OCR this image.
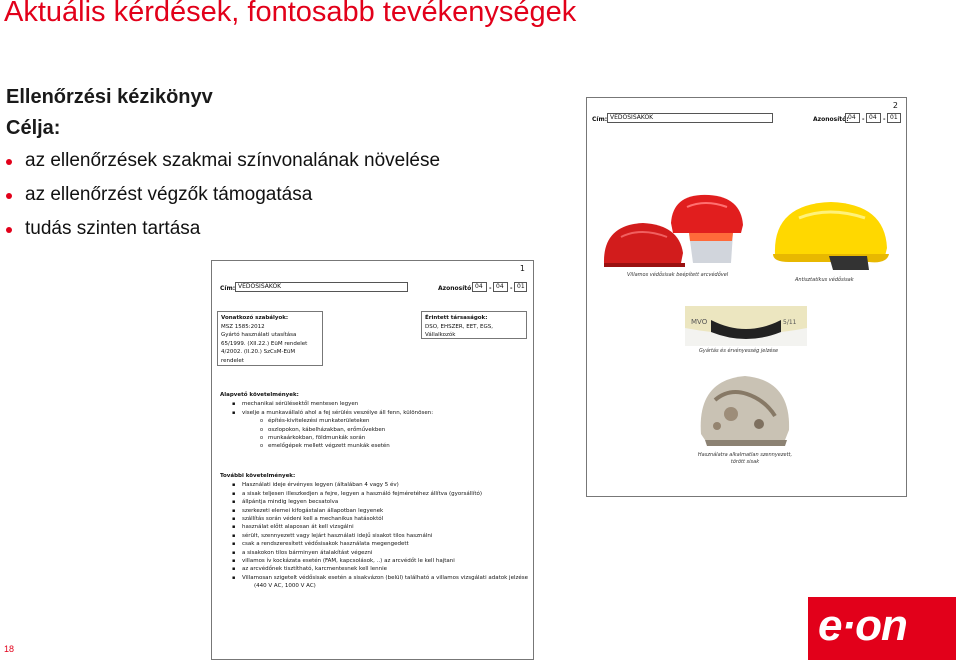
Aktuális kérdések, fontosabb tevékenységek
Ellenőrzési kézikönyv
Célja:
az ellenőrzések szakmai színvonalának növelése
az ellenőrzést végzők támogatása
tudás szinten tartása
18
1
Cím: VÉDŐSISAKOK	Azonosító: 04	- 04	- 01
Vonatkozó szabályok:
MSZ 1585:2012
Gyártó használati utasítása
65/1999. (XII.22.) EüM rendelet
4/2002. (II.20.) SzCsM-EüM rendelet
Érintett társaságok:
DSO, EHSZER, EET, EGS, Vállalkozók
Alapvető követelmények:
▪ mechanikai sérülésektől mentesen legyen
▪ viselje a munkavállaló ahol a fej sérülés veszélye áll fenn, különösen:
o építés-kivitelezési munkaterületeken
o oszlopokon, kábelházakban, erőművekben
o munkaárkokban, földmunkák során
o emelőgépek mellett végzett munkák esetén
További követelmények:
▪ Használati ideje érvényes legyen (általában 4 vagy 5 év)
▪ a sisak teljesen illeszkedjen a fejre, legyen a használó fejméretéhez állítva (gyorsállító)
▪ állpántja mindig legyen becsatolva
▪ szerkezeti elemei kifogástalan állapotban legyenek
▪ szállítás során védeni kell a mechanikus hatásoktól
▪ használat előtt alaposan át kell vizsgálni
▪ sérült, szennyezett vagy lejárt használati idejű sisakot tilos használni
▪ csak a rendszeresített védősisakok használata megengedett
▪ a sisakokon tilos bárminyen átalakítást végezni
▪ villamos ív kockázata esetén (FAM, kapcsolások, ..) az arcvédőt le kell hajtani
▪ az arcvédőnek tisztítható, karcmentesnek kell lennie
▪ Villamosan szigetelt védősisak esetén a sisakvázon (belül) található a villamos vizsgálati adatok jelzése
(440 V AC, 1000 V AC)
2
Cím: VÉDŐSISAKOK	Azonosító: 04	- 04	- 01
Villamos védősisak beépített arcvédővel
Antisztatikus védősisak
MVO	5/11
Gyártás és érvényesség jelzése
Használatra alkalmatlan szennyezett, törött sisak
e·on
